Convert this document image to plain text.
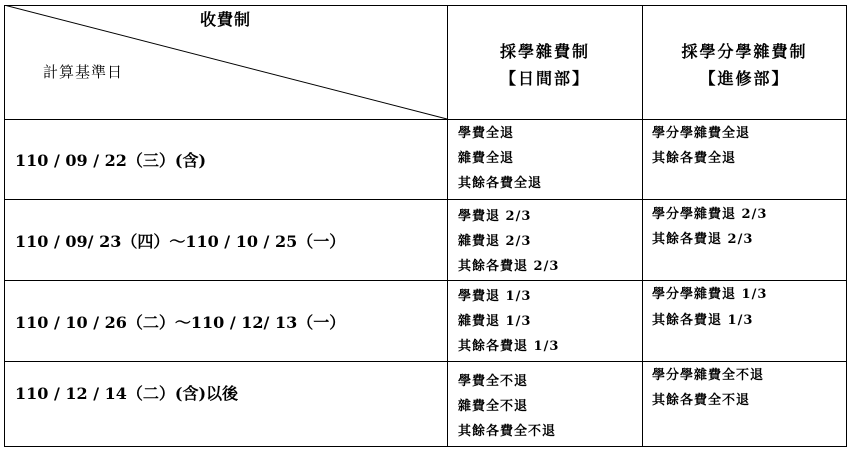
收費制
計算基準日
採學雜費制
【日間部】
採學分學雜費制
【進修部】
110 / 09 / 22（三）(含)
學費全退
雜費全退
其餘各費全退
學分學雜費全退
其餘各費全退
110 / 09/ 23（四）～110 / 10 / 25（一）
學費退 2/3
雜費退 2/3
其餘各費退 2/3
學分學雜費退 2/3
其餘各費退 2/3
110 / 10 / 26（二）～110 / 12/ 13（一）
學費退 1/3
雜費退 1/3
其餘各費退 1/3
學分學雜費退 1/3
其餘各費退 1/3
110 / 12 / 14（二）(含)以後
學費全不退
雜費全不退
其餘各費全不退
學分學雜費全不退
其餘各費全不退
